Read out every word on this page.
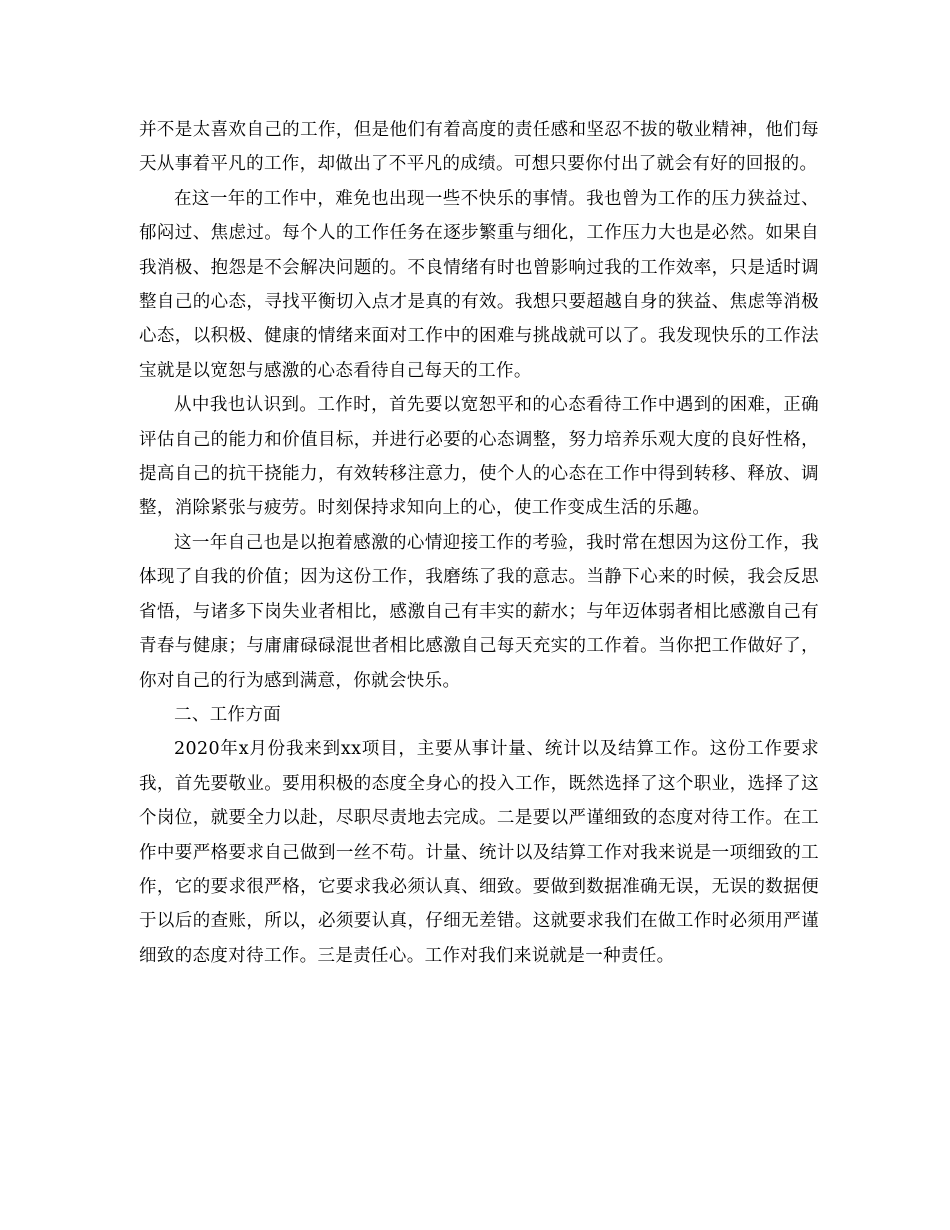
并不是太喜欢自己的工作，但是他们有着高度的责任感和坚忍不拔的敬业精神，他们每天从事着平凡的工作，却做出了不平凡的成绩。可想只要你付出了就会有好的回报的。

在这一年的工作中，难免也出现一些不快乐的事情。我也曾为工作的压力狭益过、郁闷过、焦虑过。每个人的工作任务在逐步繁重与细化，工作压力大也是必然。如果自我消极、抱怨是不会解决问题的。不良情绪有时也曾影响过我的工作效率，只是适时调整自己的心态，寻找平衡切入点才是真的有效。我想只要超越自身的狭益、焦虑等消极心态，以积极、健康的情绪来面对工作中的困难与挑战就可以了。我发现快乐的工作法宝就是以宽恕与感激的心态看待自己每天的工作。

从中我也认识到。工作时，首先要以宽恕平和的心态看待工作中遇到的困难，正确评估自己的能力和价值目标，并进行必要的心态调整，努力培养乐观大度的良好性格，提高自己的抗干挠能力，有效转移注意力，使个人的心态在工作中得到转移、释放、调整，消除紧张与疲劳。时刻保持求知向上的心，使工作变成生活的乐趣。

这一年自己也是以抱着感激的心情迎接工作的考验，我时常在想因为这份工作，我体现了自我的价值；因为这份工作，我磨练了我的意志。当静下心来的时候，我会反思省悟，与诸多下岗失业者相比，感激自己有丰实的薪水；与年迈体弱者相比感激自己有青春与健康；与庸庸碌碌混世者相比感激自己每天充实的工作着。当你把工作做好了，你对自己的行为感到满意，你就会快乐。

二、工作方面

2020年x月份我来到xx项目，主要从事计量、统计以及结算工作。这份工作要求我，首先要敬业。要用积极的态度全身心的投入工作，既然选择了这个职业，选择了这个岗位，就要全力以赴，尽职尽责地去完成。二是要以严谨细致的态度对待工作。在工作中要严格要求自己做到一丝不苟。计量、统计以及结算工作对我来说是一项细致的工作，它的要求很严格，它要求我必须认真、细致。要做到数据准确无误，无误的数据便于以后的查账，所以，必须要认真，仔细无差错。这就要求我们在做工作时必须用严谨细致的态度对待工作。三是责任心。工作对我们来说就是一种责任。
